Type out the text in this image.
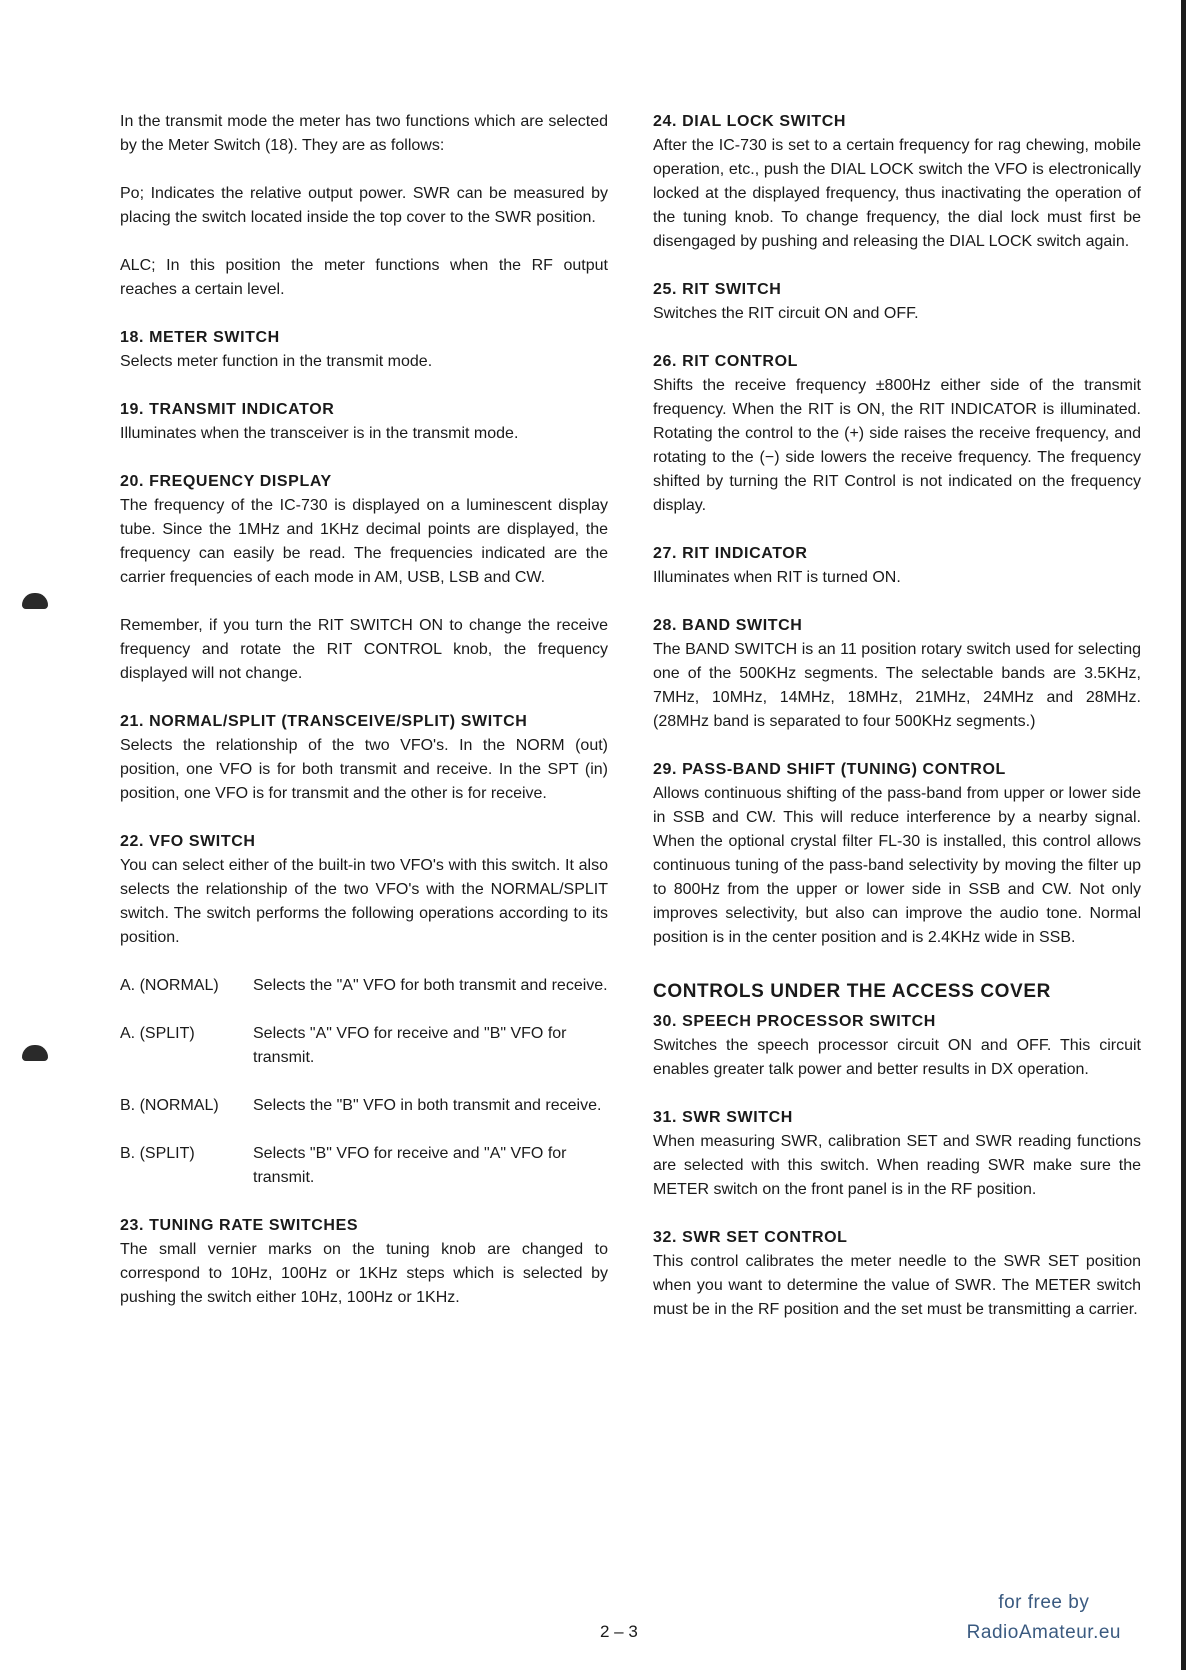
In the transmit mode the meter has two functions which are selected by the Meter Switch (18). They are as follows:
Po; Indicates the relative output power. SWR can be measured by placing the switch located inside the top cover to the SWR position.
ALC; In this position the meter functions when the RF output reaches a certain level.
18. METER SWITCH
Selects meter function in the transmit mode.
19. TRANSMIT INDICATOR
Illuminates when the transceiver is in the transmit mode.
20. FREQUENCY DISPLAY
The frequency of the IC-730 is displayed on a luminescent display tube. Since the 1MHz and 1KHz decimal points are displayed, the frequency can easily be read. The frequencies indicated are the carrier frequencies of each mode in AM, USB, LSB and CW.
Remember, if you turn the RIT SWITCH ON to change the receive frequency and rotate the RIT CONTROL knob, the frequency displayed will not change.
21. NORMAL/SPLIT (TRANSCEIVE/SPLIT) SWITCH
Selects the relationship of the two VFO's. In the NORM (out) position, one VFO is for both transmit and receive. In the SPT (in) position, one VFO is for transmit and the other is for receive.
22. VFO SWITCH
You can select either of the built-in two VFO's with this switch. It also selects the relationship of the two VFO's with the NORMAL/SPLIT switch. The switch performs the following operations according to its position.
A. (NORMAL)	Selects the "A" VFO for both transmit and receive.
A. (SPLIT)	Selects "A" VFO for receive and "B" VFO for transmit.
B. (NORMAL)	Selects the "B" VFO in both transmit and receive.
B. (SPLIT)	Selects "B" VFO for receive and "A" VFO for transmit.
23. TUNING RATE SWITCHES
The small vernier marks on the tuning knob are changed to correspond to 10Hz, 100Hz or 1KHz steps which is selected by pushing the switch either 10Hz, 100Hz or 1KHz.
24. DIAL LOCK SWITCH
After the IC-730 is set to a certain frequency for rag chewing, mobile operation, etc., push the DIAL LOCK switch the VFO is electronically locked at the displayed frequency, thus inactivating the operation of the tuning knob. To change frequency, the dial lock must first be disengaged by pushing and releasing the DIAL LOCK switch again.
25. RIT SWITCH
Switches the RIT circuit ON and OFF.
26. RIT CONTROL
Shifts the receive frequency ±800Hz either side of the transmit frequency. When the RIT is ON, the RIT INDICATOR is illuminated. Rotating the control to the (+) side raises the receive frequency, and rotating to the (−) side lowers the receive frequency. The frequency shifted by turning the RIT Control is not indicated on the frequency display.
27. RIT INDICATOR
Illuminates when RIT is turned ON.
28. BAND SWITCH
The BAND SWITCH is an 11 position rotary switch used for selecting one of the 500KHz segments. The selectable bands are 3.5KHz, 7MHz, 10MHz, 14MHz, 18MHz, 21MHz, 24MHz and 28MHz. (28MHz band is separated to four 500KHz segments.)
29. PASS-BAND SHIFT (TUNING) CONTROL
Allows continuous shifting of the pass-band from upper or lower side in SSB and CW. This will reduce interference by a nearby signal. When the optional crystal filter FL-30 is installed, this control allows continuous tuning of the pass-band selectivity by moving the filter up to 800Hz from the upper or lower side in SSB and CW. Not only improves selectivity, but also can improve the audio tone. Normal position is in the center position and is 2.4KHz wide in SSB.
CONTROLS UNDER THE ACCESS COVER
30. SPEECH PROCESSOR SWITCH
Switches the speech processor circuit ON and OFF. This circuit enables greater talk power and better results in DX operation.
31. SWR SWITCH
When measuring SWR, calibration SET and SWR reading functions are selected with this switch. When reading SWR make sure the METER switch on the front panel is in the RF position.
32. SWR SET CONTROL
This control calibrates the meter needle to the SWR SET position when you want to determine the value of SWR. The METER switch must be in the RF position and the set must be transmitting a carrier.
2 – 3
for free by
RadioAmateur.eu
